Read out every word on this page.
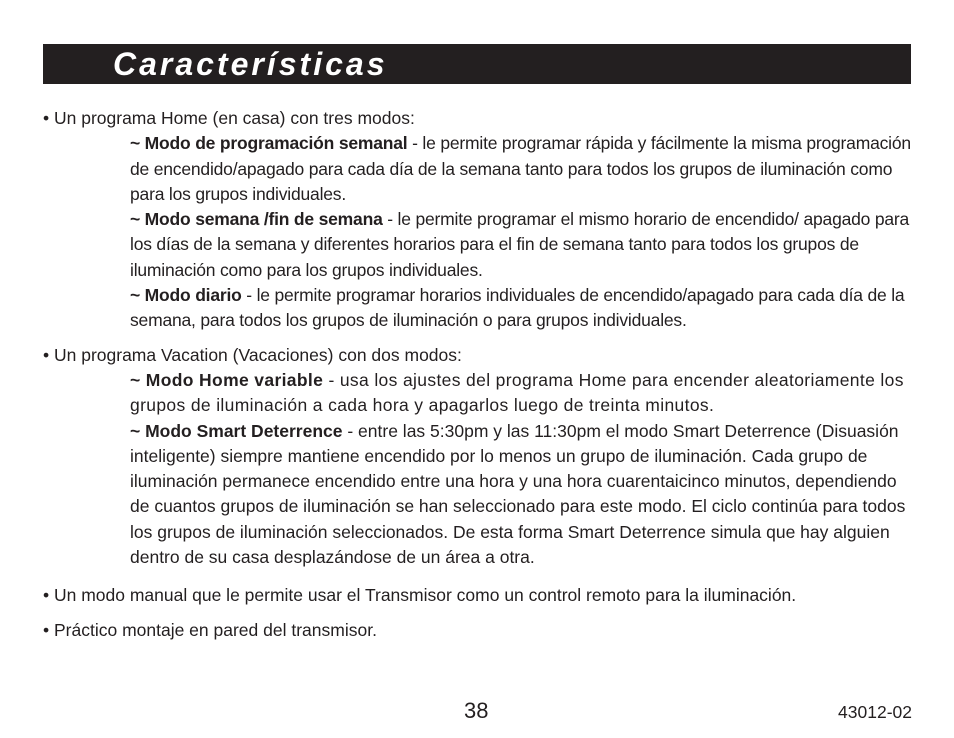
Características

• Un programa Home (en casa) con tres modos:

~ Modo de programación semanal - le permite programar rápida y fácilmente la misma programación de encendido/apagado para cada día de la semana tanto para todos los grupos de iluminación como para los grupos individuales.

~ Modo semana /fin de semana - le permite programar el mismo horario de encendido/ apagado para los días de la semana y diferentes horarios para el fin de semana tanto para todos los grupos de iluminación como para los grupos individuales.

~ Modo diario - le permite programar horarios individuales de encendido/apagado para cada día de la semana, para todos los grupos de iluminación o para grupos individuales.

• Un programa Vacation (Vacaciones) con dos modos:

~ Modo Home variable - usa los ajustes del programa Home para encender aleatoriamente los grupos de iluminación a cada hora y apagarlos luego de treinta minutos.

~ Modo Smart Deterrence - entre las 5:30pm y las 11:30pm el modo Smart Deterrence (Disuasión inteligente) siempre mantiene encendido por lo menos un grupo de iluminación. Cada grupo de iluminación permanece encendido entre una hora y una hora cuarentaicinco minutos, dependiendo de cuantos grupos de iluminación se han seleccionado para este modo. El ciclo continúa para todos los grupos de iluminación seleccionados. De esta forma Smart Deterrence simula que hay alguien dentro de su casa desplazándose de un área a otra.

• Un modo manual que le permite usar el Transmisor como un control remoto para la iluminación.

• Práctico montaje en pared del transmisor.

38	43012-02
